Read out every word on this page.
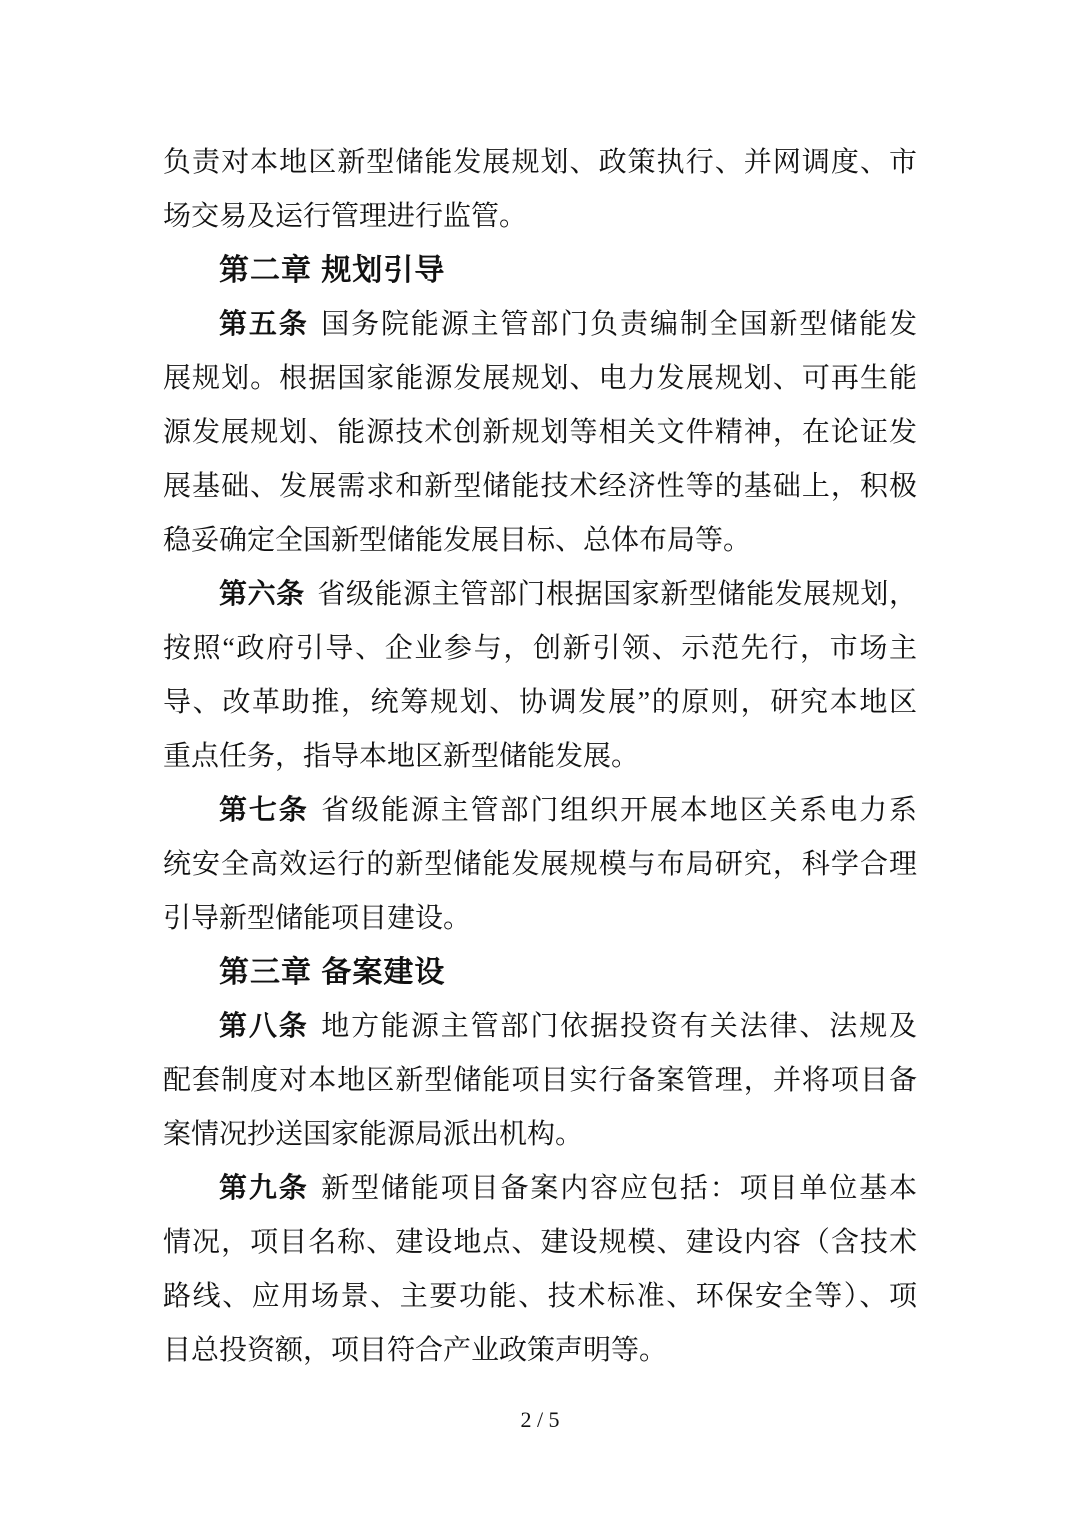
负责对本地区新型储能发展规划、政策执行、并网调度、市
场交易及运行管理进行监管。
第二章 规划引导
第五条 国务院能源主管部门负责编制全国新型储能发
展规划。根据国家能源发展规划、电力发展规划、可再生能
源发展规划、能源技术创新规划等相关文件精神，在论证发
展基础、发展需求和新型储能技术经济性等的基础上，积极
稳妥确定全国新型储能发展目标、总体布局等。
第六条 省级能源主管部门根据国家新型储能发展规划，
按照“政府引导、企业参与，创新引领、示范先行，市场主
导、改革助推，统筹规划、协调发展”的原则，研究本地区
重点任务，指导本地区新型储能发展。
第七条 省级能源主管部门组织开展本地区关系电力系
统安全高效运行的新型储能发展规模与布局研究，科学合理
引导新型储能项目建设。
第三章 备案建设
第八条 地方能源主管部门依据投资有关法律、法规及
配套制度对本地区新型储能项目实行备案管理，并将项目备
案情况抄送国家能源局派出机构。
第九条 新型储能项目备案内容应包括：项目单位基本
情况，项目名称、建设地点、建设规模、建设内容（含技术
路线、应用场景、主要功能、技术标准、环保安全等）、项
目总投资额，项目符合产业政策声明等。
2 / 5
